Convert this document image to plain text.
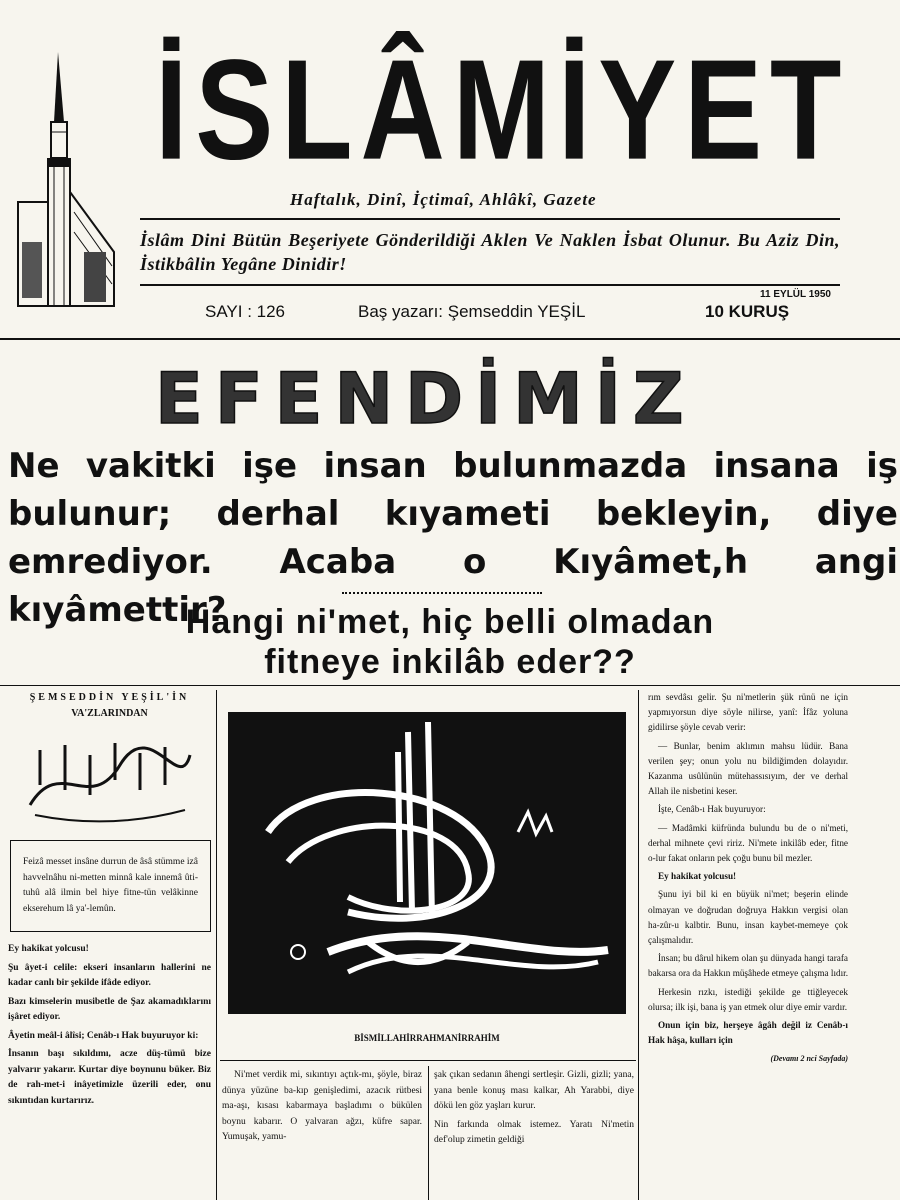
İSLÂMİYET
Haftalık, Dinî, İçtimaî, Ahlâkî, Gazete
İslâm Dini Bütün Beşeriyete Gönderildiği Aklen Ve Naklen İsbat Olunur. Bu Aziz Din, İstikbâlin Yegâne Dinidir!
11 EYLÜL 1950
SAYI : 126	Baş yazarı: Şemseddin YEŞİL	10 KURUŞ
EFENDİMİZ
Ne vakitki işe insan bulunmazda insana iş bulunur; derhal kıyameti bekleyin, diye emrediyor. Acaba o Kıyâmet,h angi kıyâmettir?
Hangi ni'met, hiç belli olmadan
fitneye inkilâb eder??
ŞEMSEDDİN YEŞİL'İN
VA'ZLARINDAN
Feizâ messet insâne durrun de âsâ stümme izâ havvelnâhu ni-metten minnâ kale innemâ ûti-tuhû alâ ilmin bel hiye fitne-tün velâkinne ekserehum lâ ya'-lemûn.

Ey hakikat yolcusu!

Şu âyet-i celile: ekseri insanların hallerini ne kadar canlı bir şekilde ifâde ediyor.

Bazı kimselerin musibetle de Şaz akamadıklarını işâret ediyor.

Âyetin meâl-i âlîsi; Cenâb-ı Hak buyuruyor ki:

İnsanın başı sıkıldımı, acze düş-tümü bize yalvarır yakarır. Kurtar diye boynunu büker. Biz de rah-met-i inâyetimizle üzerili eder, onu sıkıntıdan kurtarırız.

BİSMİLLAHİRRAHMANİRRAHİM

Ni'met verdik mi, sıkıntıyı açtık-mı, şöyle, biraz dünya yüzüne ba-kıp genişledimi, azacık rütbesi ma-aşı, kısası kabarmaya başladımı o bükülen boynu kabarır. O yalvaran ağzı, küfre sapar. Yumuşak, yamu-

şak çıkan sedanın âhengi sertleşir. Gizli, gizli; yana, yana benle konuş ması kalkar, Ah Yarabbi, diye dökü len göz yaşları kurur.

Nin farkında olmak istemez. Yaratı Ni'metin def'olup zimetin geldiği

rım sevdâsı gelir. Şu ni'metlerin şük rünü ne için yapmıyorsun diye söyle nilirse, yanî: İfâz yoluna gidilirse şöyle cevab verir:

— Bunlar, benim aklımın mahsu lüdür. Bana verilen şey; onun yolu nu bildiğimden dolayıdır. Kazanma usûlünün mütehassısıyım, der ve derhal Allah ile nisbetini keser.

İşte, Cenâb-ı Hak buyuruyor:

— Madâmki küfründa bulundu bu de o ni'meti, derhal mihnete çevi ririz. Ni'mete inkilâb eder, fitne o-lur fakat onların pek çoğu bunu bil mezler.

Ey hakikat yolcusu!

Şunu iyi bil ki en büyük ni'met; beşerin elinde olmayan ve doğrudan doğruya Hakkın vergisi olan ha-zûr-u kalbtir. Bunu, insan kaybet-memeye çok çalışmalıdır.

İnsan; bu dârul hikem olan şu dünyada hangi tarafa bakarsa ora da Hakkın müşâhede etmeye çalışma lıdır.

Herkesin rızkı, istediği şekilde ge ttiğleyecek olursa; ilk işi, bana iş yan etmek olur diye emir vardır.

Onun için biz, herşeye âgâh değil iz Cenâb-ı Hak hâşa, kulları için

(Devamı 2 nci Sayfada)
